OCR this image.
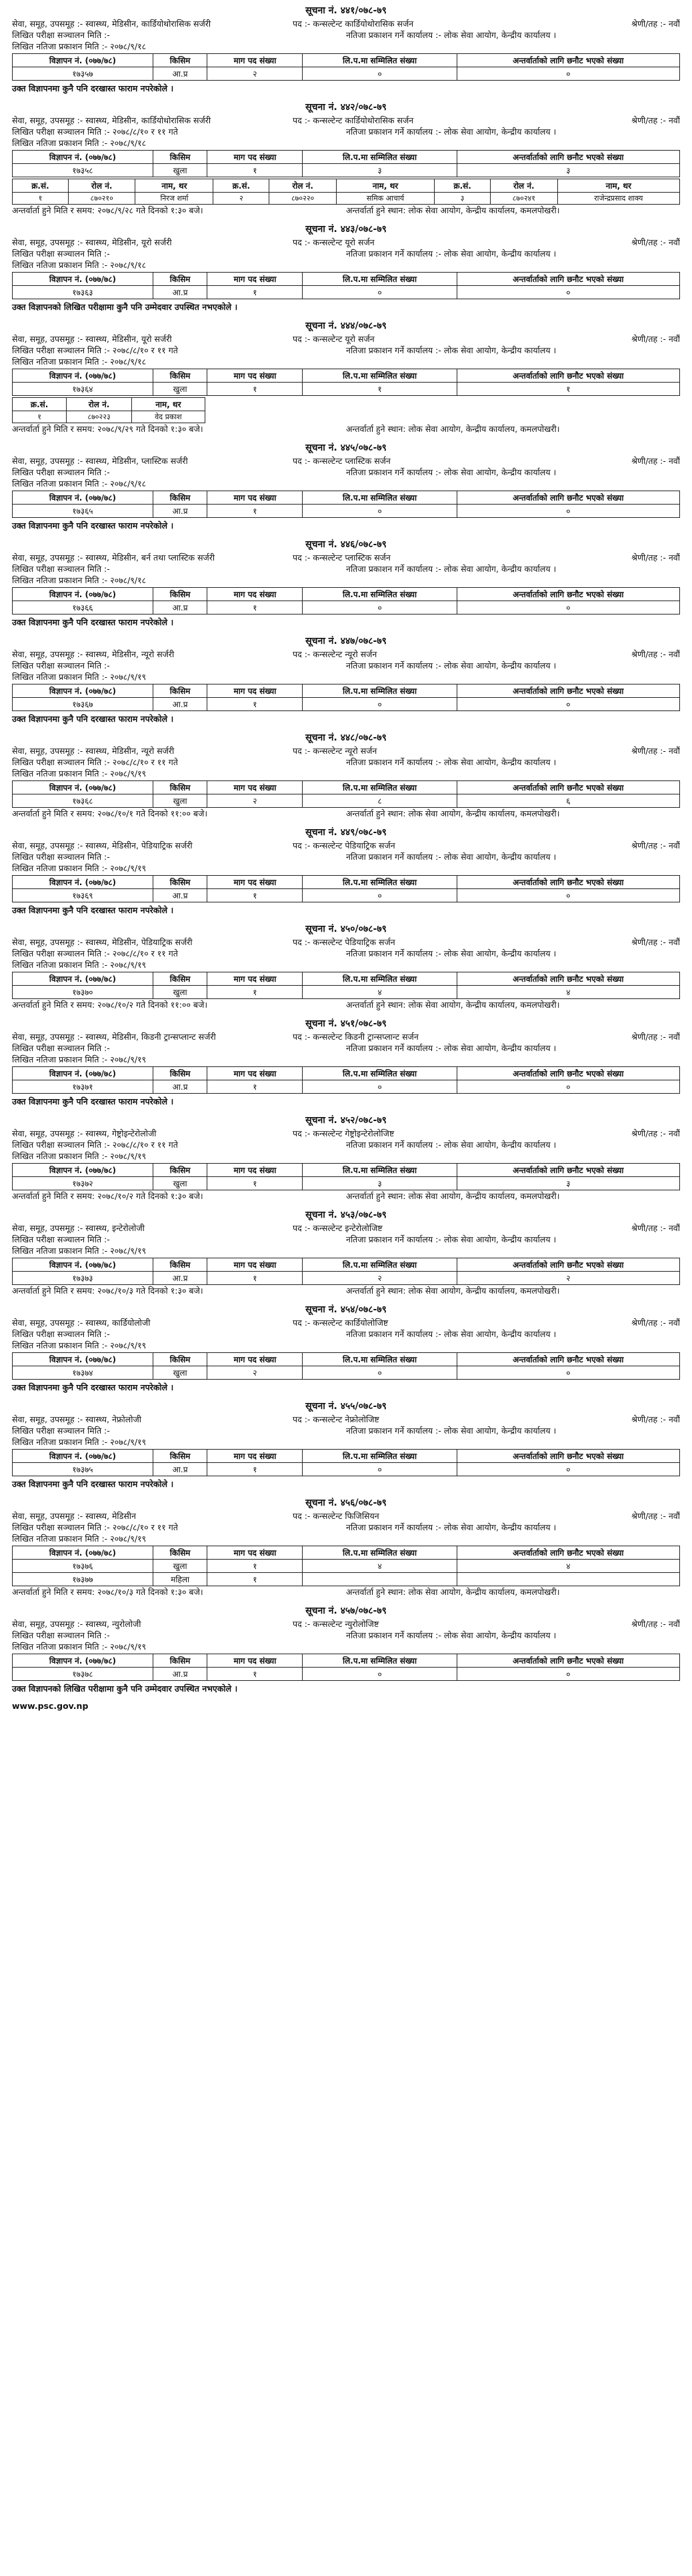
सूचना नं. ४४१/०७८-७९
सेवा, समूह, उपसमूह :- स्वास्थ्य, मेडिसीन, कार्डियोथोरासिक सर्जरी	पद :- कन्सल्टेन्ट कार्डियोथोरासिक सर्जन	श्रेणी/तह :- नवौं
लिखित परीक्षा सञ्चालन मिति :-	नतिजा प्रकाशन गर्ने कार्यालय :- लोक सेवा आयोग, केन्द्रीय कार्यालय ।
लिखित नतिजा प्रकाशन मिति :- २०७८/९/१८
विज्ञापन नं. (०७७/७८)	किसिम	माग पद संख्या	लि.प.मा सम्मिलित संख्या	अन्तर्वार्ताको लागि छनौट भएको संख्या
१७३५७	आ.प्र	२	०	०
उक्त विज्ञापनमा कुनै पनि दरखास्त फाराम नपरेकोले ।
सूचना नं. ४४२/०७८-७९
सेवा, समूह, उपसमूह :- स्वास्थ्य, मेडिसीन, कार्डियोथोरासिक सर्जरी	पद :- कन्सल्टेन्ट कार्डियोथोरासिक सर्जन	श्रेणी/तह :- नवौं
लिखित परीक्षा सञ्चालन मिति :- २०७८/८/१० र ११ गते	नतिजा प्रकाशन गर्ने कार्यालय :- लोक सेवा आयोग, केन्द्रीय कार्यालय ।
लिखित नतिजा प्रकाशन मिति :- २०७८/९/१८
विज्ञापन नं. (०७७/७८)	किसिम	माग पद संख्या	लि.प.मा सम्मिलित संख्या	अन्तर्वार्ताको लागि छनौट भएको संख्या
१७३५८	खुला	१	३	३
क्र.सं.	रोल नं.	नाम, थर	क्र.सं.	रोल नं.	नाम, थर	क्र.सं.	रोल नं.	नाम, थर
१	८७०२१०	निरज शर्मा	२	८७०२२०	समिक आचार्य	३	८७०२४१	राजेन्द्रप्रसाद शाक्य
अन्तर्वार्ता हुने मिति र समय: २०७८/९/२८ गते दिनको १:३० बजे।	अन्तर्वार्ता हुने स्थान: लोक सेवा आयोग, केन्द्रीय कार्यालय, कमलपोखरी।
सूचना नं. ४४३/०७८-७९
सेवा, समूह, उपसमूह :- स्वास्थ्य, मेडिसीन, यूरो सर्जरी	पद :- कन्सल्टेन्ट यूरो सर्जन	श्रेणी/तह :- नवौं
लिखित परीक्षा सञ्चालन मिति :-	नतिजा प्रकाशन गर्ने कार्यालय :- लोक सेवा आयोग, केन्द्रीय कार्यालय ।
लिखित नतिजा प्रकाशन मिति :- २०७८/९/१८
विज्ञापन नं. (०७७/७८)	किसिम	माग पद संख्या	लि.प.मा सम्मिलित संख्या	अन्तर्वार्ताको लागि छनौट भएको संख्या
१७३६३	आ.प्र	१	०	०
उक्त विज्ञापनको लिखित परीक्षामा कुनै पनि उम्मेदवार उपस्थित नभएकोले ।
सूचना नं. ४४४/०७८-७९
सेवा, समूह, उपसमूह :- स्वास्थ्य, मेडिसीन, यूरो सर्जरी	पद :- कन्सल्टेन्ट यूरो सर्जन	श्रेणी/तह :- नवौं
लिखित परीक्षा सञ्चालन मिति :- २०७८/८/१० र ११ गते	नतिजा प्रकाशन गर्ने कार्यालय :- लोक सेवा आयोग, केन्द्रीय कार्यालय ।
लिखित नतिजा प्रकाशन मिति :- २०७८/९/१८
विज्ञापन नं. (०७७/७८)	किसिम	माग पद संख्या	लि.प.मा सम्मिलित संख्या	अन्तर्वार्ताको लागि छनौट भएको संख्या
१७३६४	खुला	१	१	१
क्र.सं.	रोल नं.	नाम, थर
१	८७०२२३	वेद प्रकाश
अन्तर्वार्ता हुने मिति र समय: २०७८/९/२९ गते दिनको १:३० बजे।	अन्तर्वार्ता हुने स्थान: लोक सेवा आयोग, केन्द्रीय कार्यालय, कमलपोखरी।
सूचना नं. ४४५/०७८-७९
सेवा, समूह, उपसमूह :- स्वास्थ्य, मेडिसीन, प्लास्टिक सर्जरी	पद :- कन्सल्टेन्ट प्लास्टिक सर्जन	श्रेणी/तह :- नवौं
लिखित परीक्षा सञ्चालन मिति :-	नतिजा प्रकाशन गर्ने कार्यालय :- लोक सेवा आयोग, केन्द्रीय कार्यालय ।
लिखित नतिजा प्रकाशन मिति :- २०७८/९/१८
विज्ञापन नं. (०७७/७८)	किसिम	माग पद संख्या	लि.प.मा सम्मिलित संख्या	अन्तर्वार्ताको लागि छनौट भएको संख्या
१७३६५	आ.प्र	१	०	०
उक्त विज्ञापनमा कुनै पनि दरखास्त फाराम नपरेकोले ।
सूचना नं. ४४६/०७८-७९
सेवा, समूह, उपसमूह :- स्वास्थ्य, मेडिसीन, बर्न तथा प्लास्टिक सर्जरी	पद :- कन्सल्टेन्ट प्लास्टिक सर्जन	श्रेणी/तह :- नवौं
लिखित परीक्षा सञ्चालन मिति :-	नतिजा प्रकाशन गर्ने कार्यालय :- लोक सेवा आयोग, केन्द्रीय कार्यालय ।
लिखित नतिजा प्रकाशन मिति :- २०७८/९/१८
विज्ञापन नं. (०७७/७८)	किसिम	माग पद संख्या	लि.प.मा सम्मिलित संख्या	अन्तर्वार्ताको लागि छनौट भएको संख्या
१७३६६	आ.प्र	१	०	०
उक्त विज्ञापनमा कुनै पनि दरखास्त फाराम नपरेकोले ।
सूचना नं. ४४७/०७८-७९
सेवा, समूह, उपसमूह :- स्वास्थ्य, मेडिसीन, न्यूरो सर्जरी	पद :- कन्सल्टेन्ट न्यूरो सर्जन	श्रेणी/तह :- नवौं
लिखित परीक्षा सञ्चालन मिति :-	नतिजा प्रकाशन गर्ने कार्यालय :- लोक सेवा आयोग, केन्द्रीय कार्यालय ।
लिखित नतिजा प्रकाशन मिति :- २०७८/९/१९
विज्ञापन नं. (०७७/७८)	किसिम	माग पद संख्या	लि.प.मा सम्मिलित संख्या	अन्तर्वार्ताको लागि छनौट भएको संख्या
१७३६७	आ.प्र	१	०	०
उक्त विज्ञापनमा कुनै पनि दरखास्त फाराम नपरेकोले ।
सूचना नं. ४४८/०७८-७९
सेवा, समूह, उपसमूह :- स्वास्थ्य, मेडिसीन, न्यूरो सर्जरी	पद :- कन्सल्टेन्ट न्यूरो सर्जन	श्रेणी/तह :- नवौं
लिखित परीक्षा सञ्चालन मिति :- २०७८/८/१० र ११ गते	नतिजा प्रकाशन गर्ने कार्यालय :- लोक सेवा आयोग, केन्द्रीय कार्यालय ।
लिखित नतिजा प्रकाशन मिति :- २०७८/९/१९
विज्ञापन नं. (०७७/७८)	किसिम	माग पद संख्या	लि.प.मा सम्मिलित संख्या	अन्तर्वार्ताको लागि छनौट भएको संख्या
१७३६८	खुला	२	८	६
अन्तर्वार्ता हुने मिति र समय: २०७८/१०/१ गते दिनको ११:०० बजे।	अन्तर्वार्ता हुने स्थान: लोक सेवा आयोग, केन्द्रीय कार्यालय, कमलपोखरी।
सूचना नं. ४४९/०७८-७९
सेवा, समूह, उपसमूह :- स्वास्थ्य, मेडिसीन, पेडियाट्रिक सर्जरी	पद :- कन्सल्टेन्ट पेडियाट्रिक सर्जन	श्रेणी/तह :- नवौं
लिखित परीक्षा सञ्चालन मिति :-	नतिजा प्रकाशन गर्ने कार्यालय :- लोक सेवा आयोग, केन्द्रीय कार्यालय ।
लिखित नतिजा प्रकाशन मिति :- २०७८/९/१९
विज्ञापन नं. (०७७/७८)	किसिम	माग पद संख्या	लि.प.मा सम्मिलित संख्या	अन्तर्वार्ताको लागि छनौट भएको संख्या
१७३६९	आ.प्र	१	०	०
उक्त विज्ञापनमा कुनै पनि दरखास्त फाराम नपरेकोले ।
सूचना नं. ४५०/०७८-७९
सेवा, समूह, उपसमूह :- स्वास्थ्य, मेडिसीन, पेडियाट्रिक सर्जरी	पद :- कन्सल्टेन्ट पेडियाट्रिक सर्जन	श्रेणी/तह :- नवौं
लिखित परीक्षा सञ्चालन मिति :- २०७८/८/१० र ११ गते	नतिजा प्रकाशन गर्ने कार्यालय :- लोक सेवा आयोग, केन्द्रीय कार्यालय ।
लिखित नतिजा प्रकाशन मिति :- २०७८/९/१९
विज्ञापन नं. (०७७/७८)	किसिम	माग पद संख्या	लि.प.मा सम्मिलित संख्या	अन्तर्वार्ताको लागि छनौट भएको संख्या
१७३७०	खुला	१	४	४
अन्तर्वार्ता हुने मिति र समय: २०७८/१०/२ गते दिनको ११:०० बजे।	अन्तर्वार्ता हुने स्थान: लोक सेवा आयोग, केन्द्रीय कार्यालय, कमलपोखरी।
सूचना नं. ४५१/०७८-७९
सेवा, समूह, उपसमूह :- स्वास्थ्य, मेडिसीन, किडनी ट्रान्सप्लान्ट सर्जरी	पद :- कन्सल्टेन्ट किडनी ट्रान्सप्लान्ट सर्जन	श्रेणी/तह :- नवौं
लिखित परीक्षा सञ्चालन मिति :-	नतिजा प्रकाशन गर्ने कार्यालय :- लोक सेवा आयोग, केन्द्रीय कार्यालय ।
लिखित नतिजा प्रकाशन मिति :- २०७८/९/१९
विज्ञापन नं. (०७७/७८)	किसिम	माग पद संख्या	लि.प.मा सम्मिलित संख्या	अन्तर्वार्ताको लागि छनौट भएको संख्या
१७३७१	आ.प्र	१	०	०
उक्त विज्ञापनमा कुनै पनि दरखास्त फाराम नपरेकोले ।
सूचना नं. ४५२/०७८-७९
सेवा, समूह, उपसमूह :- स्वास्थ्य, गेष्ट्रोइन्टेरोलोजी	पद :- कन्सल्टेन्ट गेष्ट्रोइन्टेरोलोजिष्ट	श्रेणी/तह :- नवौं
लिखित परीक्षा सञ्चालन मिति :- २०७८/८/१० र ११ गते	नतिजा प्रकाशन गर्ने कार्यालय :- लोक सेवा आयोग, केन्द्रीय कार्यालय ।
लिखित नतिजा प्रकाशन मिति :- २०७८/९/१९
विज्ञापन नं. (०७७/७८)	किसिम	माग पद संख्या	लि.प.मा सम्मिलित संख्या	अन्तर्वार्ताको लागि छनौट भएको संख्या
१७३७२	खुला	१	३	३
अन्तर्वार्ता हुने मिति र समय: २०७८/१०/२ गते दिनको १:३० बजे।	अन्तर्वार्ता हुने स्थान: लोक सेवा आयोग, केन्द्रीय कार्यालय, कमलपोखरी।
सूचना नं. ४५३/०७८-७९
सेवा, समूह, उपसमूह :- स्वास्थ्य, इन्टेरोलोजी	पद :- कन्सल्टेन्ट इन्टेरोलोजिष्ट	श्रेणी/तह :- नवौं
लिखित परीक्षा सञ्चालन मिति :-	नतिजा प्रकाशन गर्ने कार्यालय :- लोक सेवा आयोग, केन्द्रीय कार्यालय ।
लिखित नतिजा प्रकाशन मिति :- २०७८/९/१९
विज्ञापन नं. (०७७/७८)	किसिम	माग पद संख्या	लि.प.मा सम्मिलित संख्या	अन्तर्वार्ताको लागि छनौट भएको संख्या
१७३७३	आ.प्र	१	२	२
अन्तर्वार्ता हुने मिति र समय: २०७८/१०/३ गते दिनको १:३० बजे।	अन्तर्वार्ता हुने स्थान: लोक सेवा आयोग, केन्द्रीय कार्यालय, कमलपोखरी।
सूचना नं. ४५४/०७८-७९
सेवा, समूह, उपसमूह :- स्वास्थ्य, कार्डियोलोजी	पद :- कन्सल्टेन्ट कार्डियोलोजिष्ट	श्रेणी/तह :- नवौं
लिखित परीक्षा सञ्चालन मिति :-	नतिजा प्रकाशन गर्ने कार्यालय :- लोक सेवा आयोग, केन्द्रीय कार्यालय ।
लिखित नतिजा प्रकाशन मिति :- २०७८/९/१९
विज्ञापन नं. (०७७/७८)	किसिम	माग पद संख्या	लि.प.मा सम्मिलित संख्या	अन्तर्वार्ताको लागि छनौट भएको संख्या
१७३७४	खुला	२	०	०
उक्त विज्ञापनमा कुनै पनि दरखास्त फाराम नपरेकोले ।
सूचना नं. ४५५/०७८-७९
सेवा, समूह, उपसमूह :- स्वास्थ्य, नेफ्रोलोजी	पद :- कन्सल्टेन्ट नेफ्रोलोजिष्ट	श्रेणी/तह :- नवौं
लिखित परीक्षा सञ्चालन मिति :-	नतिजा प्रकाशन गर्ने कार्यालय :- लोक सेवा आयोग, केन्द्रीय कार्यालय ।
लिखित नतिजा प्रकाशन मिति :- २०७८/९/१९
विज्ञापन नं. (०७७/७८)	किसिम	माग पद संख्या	लि.प.मा सम्मिलित संख्या	अन्तर्वार्ताको लागि छनौट भएको संख्या
१७३७५	आ.प्र	१	०	०
उक्त विज्ञापनमा कुनै पनि दरखास्त फाराम नपरेकोले ।
सूचना नं. ४५६/०७८-७९
सेवा, समूह, उपसमूह :- स्वास्थ्य, मेडिसीन	पद :- कन्सल्टेन्ट फिजिसियन	श्रेणी/तह :- नवौं
लिखित परीक्षा सञ्चालन मिति :- २०७८/८/१० र ११ गते	नतिजा प्रकाशन गर्ने कार्यालय :- लोक सेवा आयोग, केन्द्रीय कार्यालय ।
लिखित नतिजा प्रकाशन मिति :- २०७८/९/१९
विज्ञापन नं. (०७७/७८)	किसिम	माग पद संख्या	लि.प.मा सम्मिलित संख्या	अन्तर्वार्ताको लागि छनौट भएको संख्या
१७३७६	खुला	१	४	४
१७३७७	महिला	१		
अन्तर्वार्ता हुने मिति र समय: २०७८/१०/३ गते दिनको १:३० बजे।	अन्तर्वार्ता हुने स्थान: लोक सेवा आयोग, केन्द्रीय कार्यालय, कमलपोखरी।
सूचना नं. ४५७/०७८-७९
सेवा, समूह, उपसमूह :- स्वास्थ्य, न्युरोलोजी	पद :- कन्सल्टेन्ट न्युरोलोजिष्ट	श्रेणी/तह :- नवौं
लिखित परीक्षा सञ्चालन मिति :-	नतिजा प्रकाशन गर्ने कार्यालय :- लोक सेवा आयोग, केन्द्रीय कार्यालय ।
लिखित नतिजा प्रकाशन मिति :- २०७८/९/१९
विज्ञापन नं. (०७७/७८)	किसिम	माग पद संख्या	लि.प.मा सम्मिलित संख्या	अन्तर्वार्ताको लागि छनौट भएको संख्या
१७३७८	आ.प्र	१	०	०
उक्त विज्ञापनको लिखित परीक्षामा कुनै पनि उम्मेदवार उपस्थित नभएकोले ।
www.psc.gov.np
